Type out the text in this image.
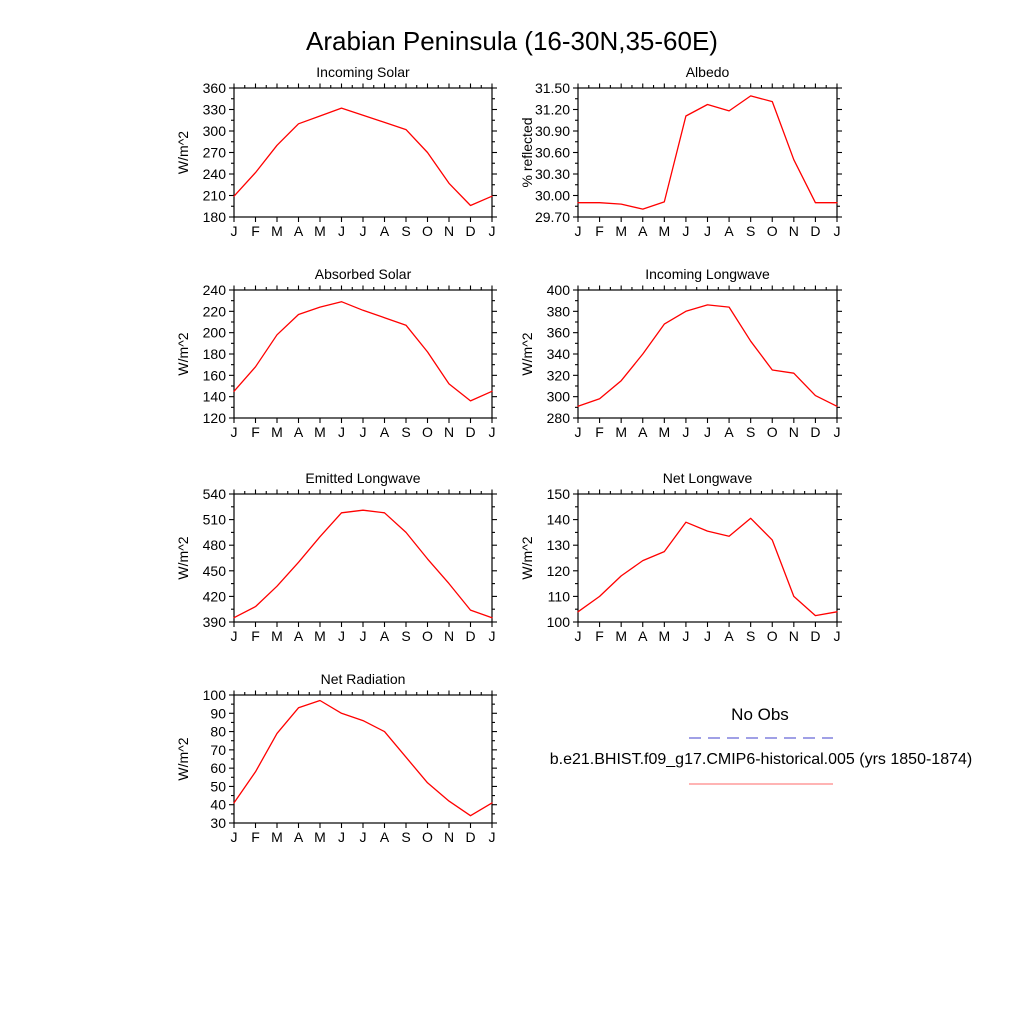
Arabian Peninsula (16-30N,35-60E)
J F M A M J J A S O N D J
180
210
240
270
300
330
360
Incoming Solar
W/m^2
J F M A M J J A S O N D J
29.70
30.00
30.30
30.60
30.90
31.20
31.50
Albedo
% reflected
J F M A M J J A S O N D J
120
140
160
180
200
220
240
Absorbed Solar
W/m^2
J F M A M J J A S O N D J
280
300
320
340
360
380
400
Incoming Longwave
W/m^2
J F M A M J J A S O N D J
390
420
450
480
510
540
Emitted Longwave
W/m^2
J F M A M J J A S O N D J
100
110
120
130
140
150
Net Longwave
W/m^2
J F M A M J J A S O N D J
30
40
50
60
70
80
90
100
Net Radiation
W/m^2
No Obs
b.e21.BHIST.f09_g17.CMIP6-historical.005 (yrs 1850-1874)
